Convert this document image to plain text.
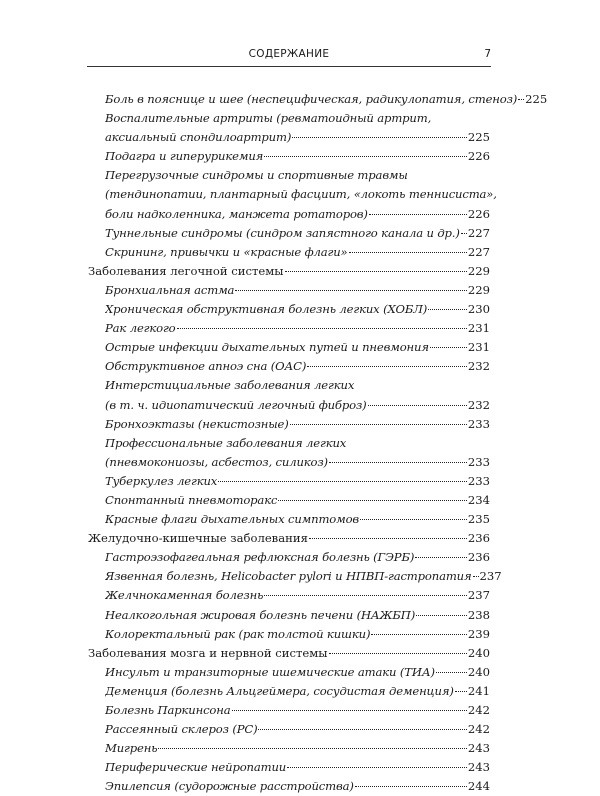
СОДЕРЖАНИЕ	7
Боль в пояснице и шее (неспецифическая, радикулопатия, стеноз) 225
Воспалительные артриты (ревматоидный артрит,
аксиальный спондилоартрит)	225
Подагра и гиперурикемия	226
Перегрузочные синдромы и спортивные травмы
(тендинопатии, плантарный фасциит, «локоть теннисиста»,
боли надколенника, манжета ротаторов)	226
Туннельные синдромы (синдром запястного канала и др.) 227
Скрининг, привычки и «красные флаги»	227
Заболевания легочной системы	229
Бронхиальная астма	229
Хроническая обструктивная болезнь легких (ХОБЛ)	230
Рак легкого	231
Острые инфекции дыхательных путей и пневмония	231
Обструктивное апноэ сна (ОАС)	232
Интерстициальные заболевания легких
(в т. ч. идиопатический легочный фиброз)	232
Бронхоэктазы (некистозные)	233
Профессиональные заболевания легких
(пневмокониозы, асбестоз, силикоз)	233
Туберкулез легких	233
Спонтанный пневмоторакс	234
Красные флаги дыхательных симптомов	235
Желудочно-кишечные заболевания	236
Гастроэзофагеальная рефлюксная болезнь (ГЭРБ)	236
Язвенная болезнь, Helicobacter pylori и НПВП-гастропатия 237
Желчнокаменная болезнь	237
Неалкогольная жировая болезнь печени (НАЖБП)	238
Колоректальный рак (рак толстой кишки)	239
Заболевания мозга и нервной системы	240
Инсульт и транзиторные ишемические атаки (ТИА)	240
Деменция (болезнь Альцгеймера, сосудистая деменция) 241
Болезнь Паркинсона	242
Рассеянный склероз (РС)	242
Мигрень	243
Периферические нейропатии	243
Эпилепсия (судорожные расстройства)	244
